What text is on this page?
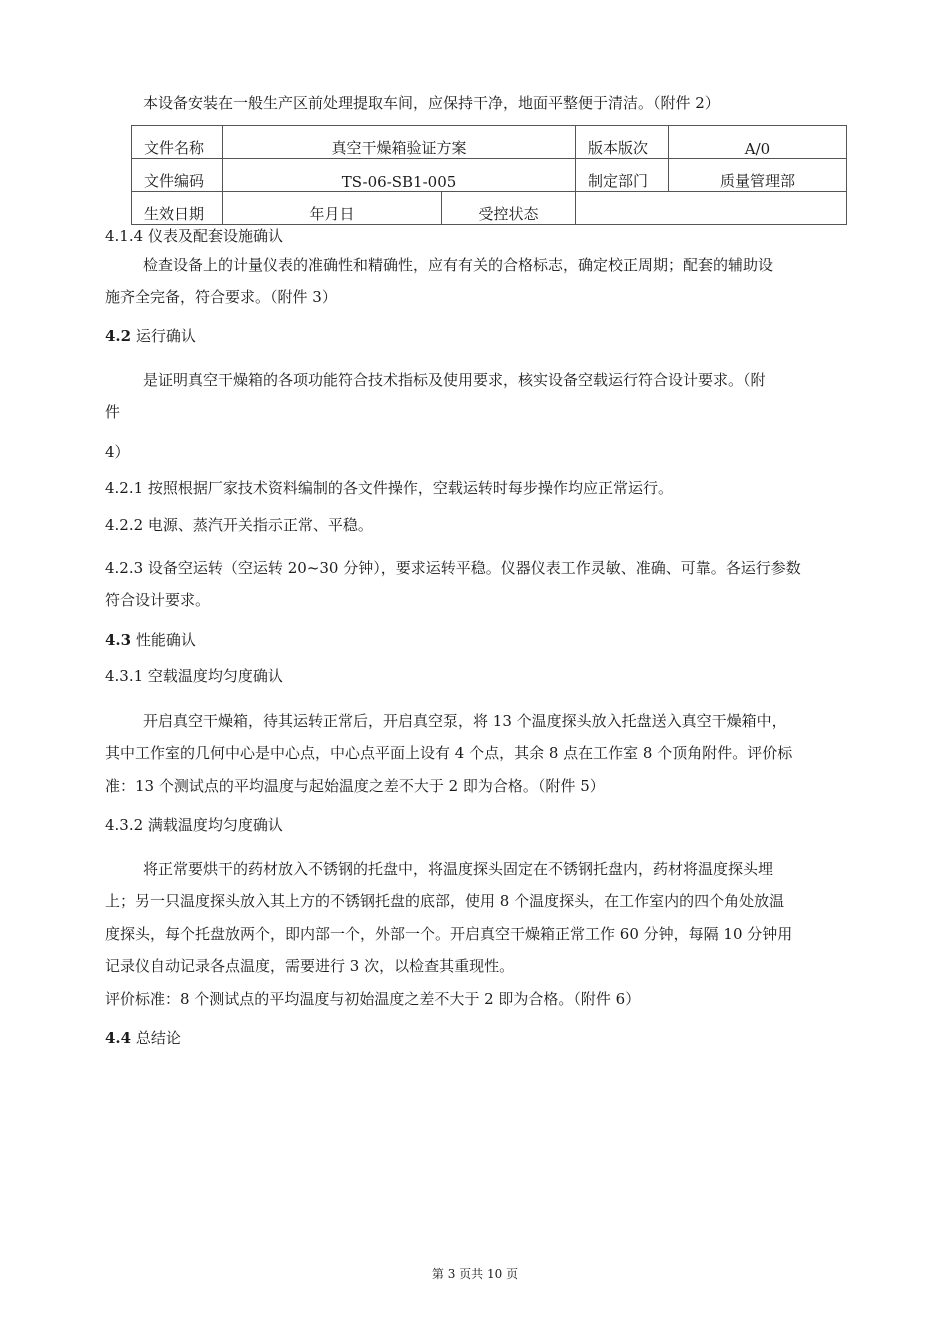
本设备安装在一般生产区前处理提取车间，应保持干净，地面平整便于清洁。（附件 2）

文件名称	真空干燥箱验证方案		版本版次	A/0
文件编码	TS-06-SB1-005		制定部门	质量管理部
生效日期	年月日	受控状态		

4.1.4 仪表及配套设施确认

检查设备上的计量仪表的准确性和精确性，应有有关的合格标志，确定校正周期；配套的辅助设

施齐全完备，符合要求。（附件 3）

4.2 运行确认

是证明真空干燥箱的各项功能符合技术指标及使用要求，核实设备空载运行符合设计要求。（附

件

4）

4.2.1 按照根据厂家技术资料编制的各文件操作，空载运转时每步操作均应正常运行。

4.2.2 电源、蒸汽开关指示正常、平稳。

4.2.3 设备空运转（空运转 20~30 分钟），要求运转平稳。仪器仪表工作灵敏、准确、可靠。各运行参数

符合设计要求。

4.3 性能确认

4.3.1 空载温度均匀度确认

开启真空干燥箱，待其运转正常后，开启真空泵，将 13 个温度探头放入托盘送入真空干燥箱中，

其中工作室的几何中心是中心点，中心点平面上设有 4 个点，其余 8 点在工作室 8 个顶角附件。评价标

准：13 个测试点的平均温度与起始温度之差不大于 2 即为合格。（附件 5）

4.3.2 满载温度均匀度确认

将正常要烘干的药材放入不锈钢的托盘中，将温度探头固定在不锈钢托盘内，药材将温度探头埋

上；另一只温度探头放入其上方的不锈钢托盘的底部，使用 8 个温度探头，在工作室内的四个角处放温

度探头，每个托盘放两个，即内部一个，外部一个。开启真空干燥箱正常工作 60 分钟，每隔 10 分钟用

记录仪自动记录各点温度，需要进行 3 次，以检查其重现性。

评价标准：8 个测试点的平均温度与初始温度之差不大于 2 即为合格。（附件 6）

4.4 总结论

第 3 页共 10 页
